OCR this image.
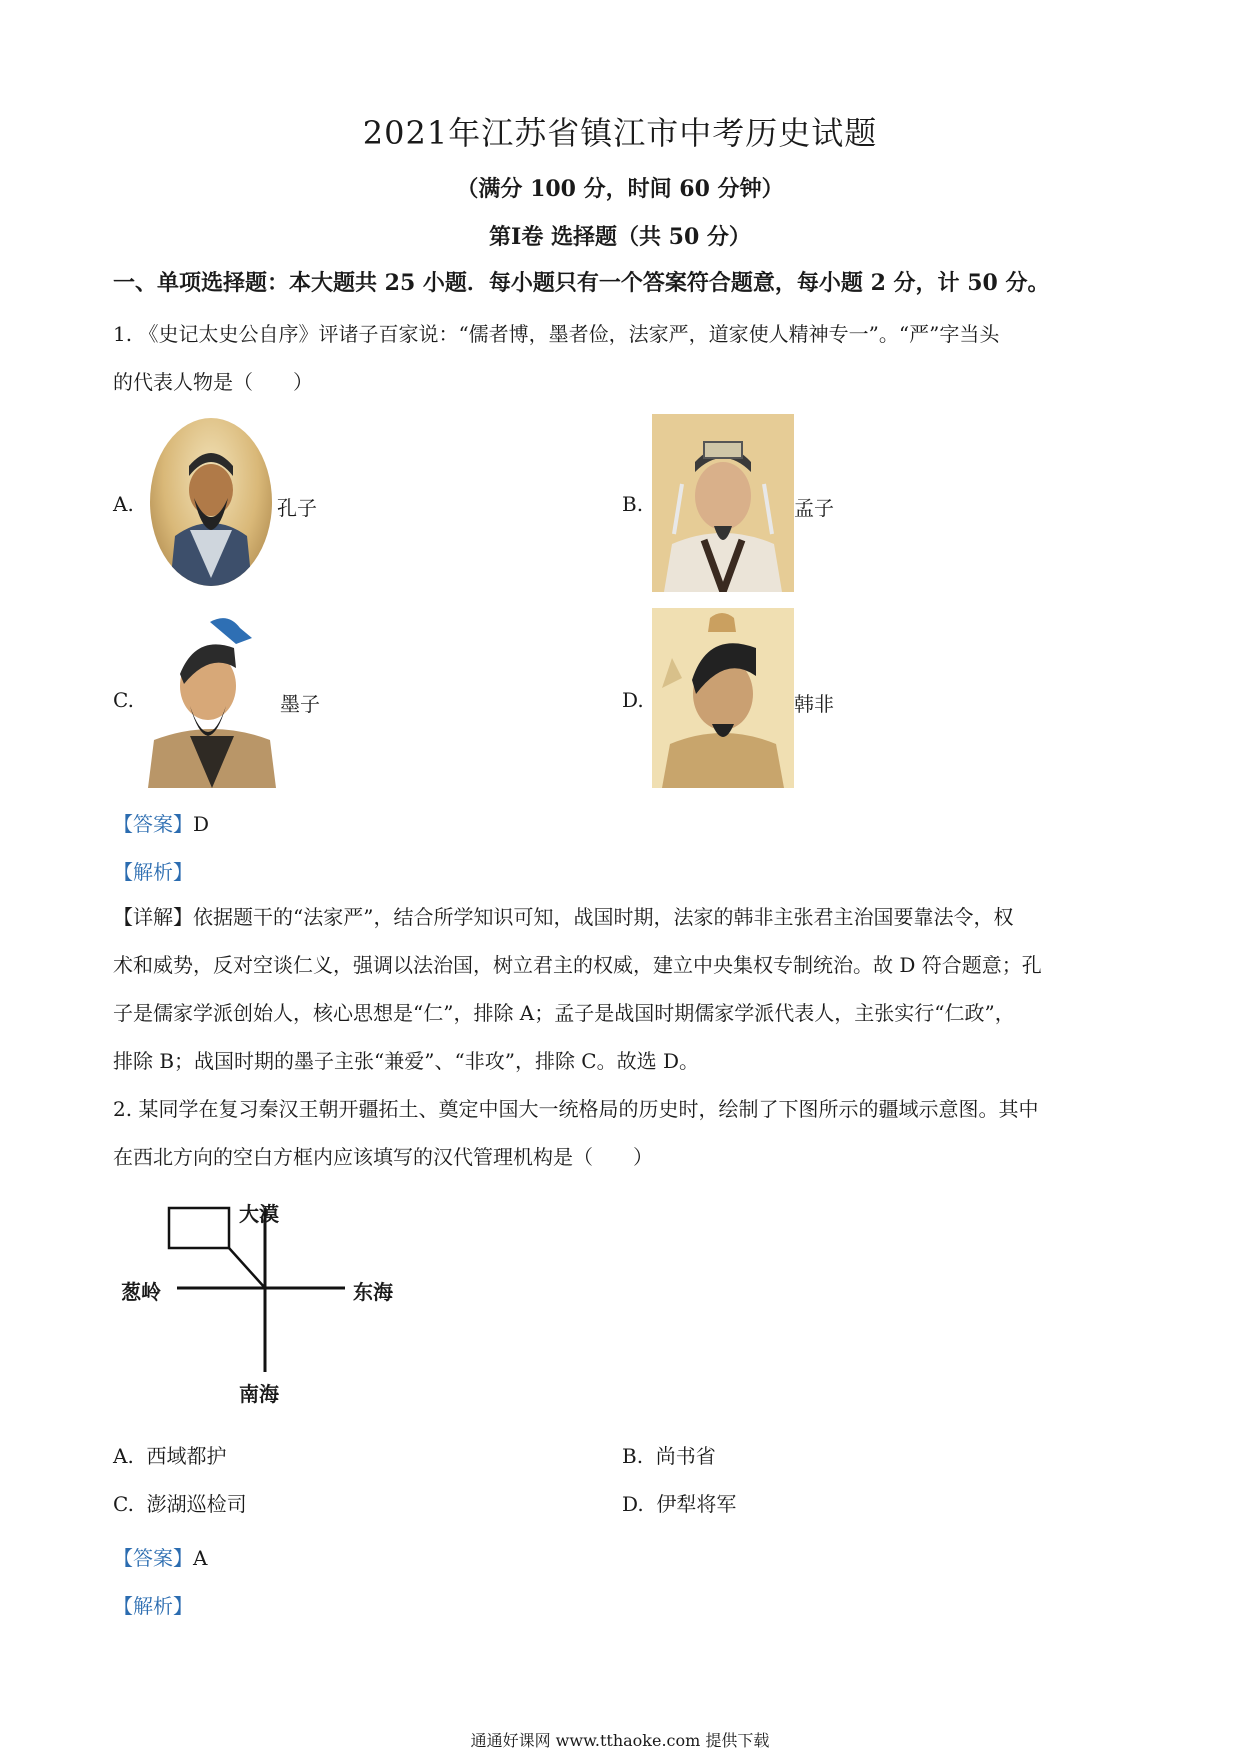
2021年江苏省镇江市中考历史试题
（满分 100 分，时间 60 分钟）
第Ⅰ卷 选择题（共 50 分）
一、单项选择题：本大题共 25 小题．每小题只有一个答案符合题意，每小题 2 分，计 50 分。
1. 《史记太史公自序》评诸子百家说：“儒者博，墨者俭，法家严，道家使人精神专一”。“严”字当头
的代表人物是（　　）
A.	孔子	B.	孟子
C.	墨子	D.	韩非
【答案】D
【解析】
【详解】依据题干的“法家严”，结合所学知识可知，战国时期，法家的韩非主张君主治国要靠法令，权
术和威势，反对空谈仁义，强调以法治国，树立君主的权威，建立中央集权专制统治。故 D 符合题意；孔
子是儒家学派创始人，核心思想是“仁”，排除 A；孟子是战国时期儒家学派代表人，主张实行“仁政”，
排除 B；战国时期的墨子主张“兼爱”、“非攻”，排除 C。故选 D。
2. 某同学在复习秦汉王朝开疆拓土、奠定中国大一统格局的历史时，绘制了下图所示的疆域示意图。其中
在西北方向的空白方框内应该填写的汉代管理机构是（　　）
大漠
葱岭	东海
南海
A. 西域都护	B. 尚书省
C. 澎湖巡检司	D. 伊犁将军
【答案】A
【解析】
通通好课网 www.tthaoke.com 提供下载
